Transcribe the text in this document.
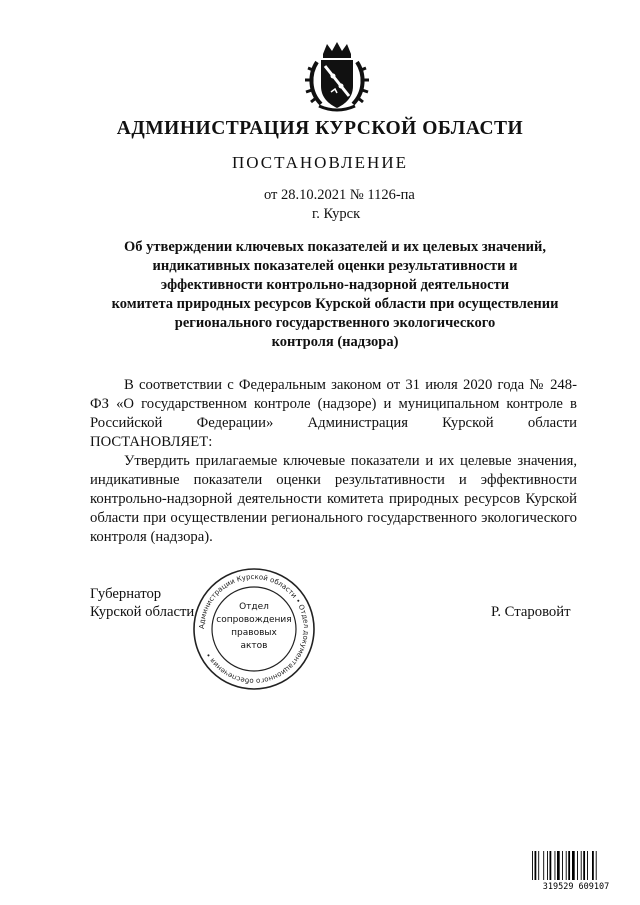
АДМИНИСТРАЦИЯ КУРСКОЙ ОБЛАСТИ
ПОСТАНОВЛЕНИЕ
от 28.10.2021 № 1126-па
г. Курск
Об утверждении ключевых показателей и их целевых значений,
индикативных показателей оценки результативности и
эффективности контрольно-надзорной деятельности
комитета природных ресурсов Курской области при осуществлении
регионального государственного экологического
контроля (надзора)

В соответствии с Федеральным законом от 31 июля 2020 года № 248-ФЗ «О государственном контроле (надзоре) и муниципальном контроле в Российской Федерации» Администрация Курской области ПОСТАНОВЛЯЕТ:

Утвердить прилагаемые ключевые показатели и их целевые значения, индикативные показатели оценки результативности и эффективности контрольно-надзорной деятельности комитета природных ресурсов Курской области при осуществлении регионального государственного экологического контроля (надзора).

Губернатор
Курской области	Р. Старовойт
Администрации Курской области • Отдел документационного обеспечения •
Отдел
сопровождения
правовых
актов
319529 609107
